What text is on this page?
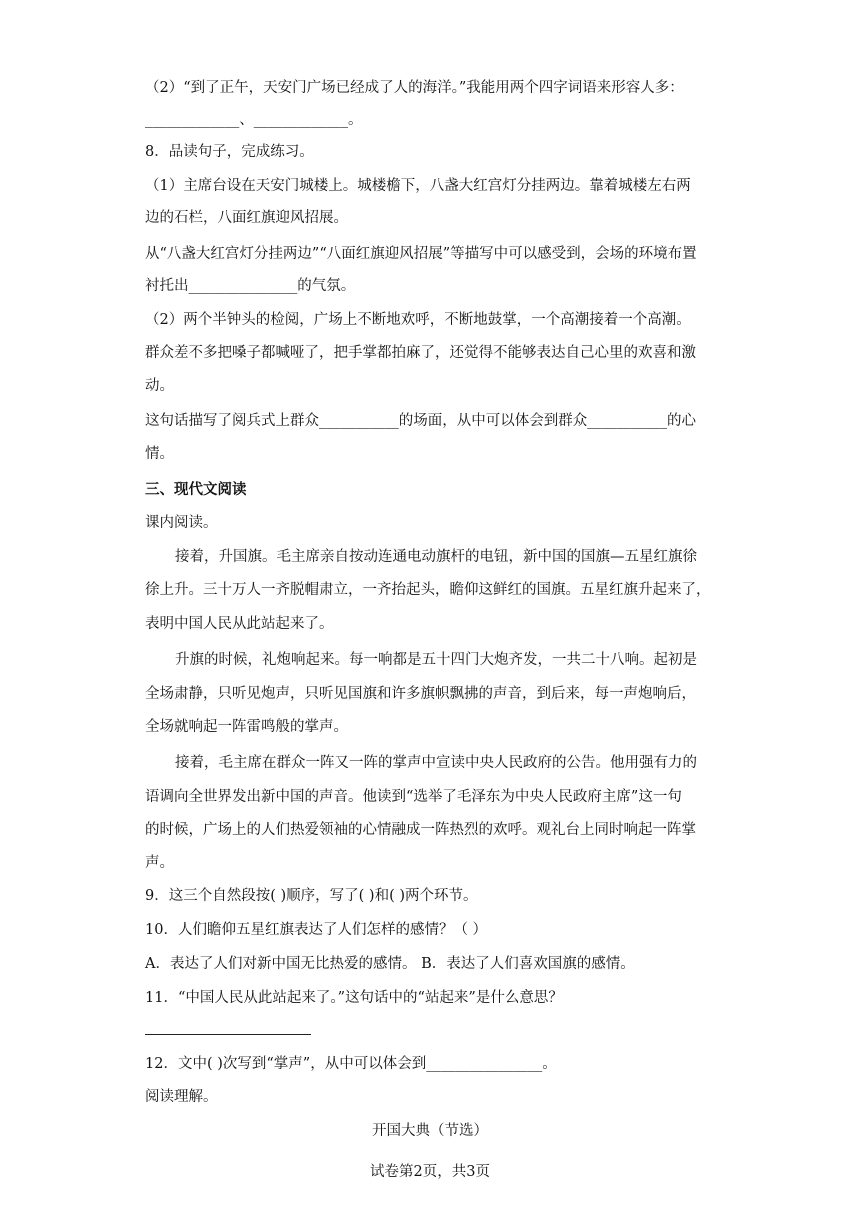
（2）“到了正午，天安门广场已经成了人的海洋。”我能用两个四字词语来形容人多：
_____________、_____________。
8．品读句子，完成练习。
（1）主席台设在天安门城楼上。城楼檐下，八盏大红宫灯分挂两边。靠着城楼左右两
边的石栏，八面红旗迎风招展。
从“八盏大红宫灯分挂两边”“八面红旗迎风招展”等描写中可以感受到，会场的环境布置
衬托出_______________的气氛。
（2）两个半钟头的检阅，广场上不断地欢呼，不断地鼓掌，一个高潮接着一个高潮。
群众差不多把嗓子都喊哑了，把手掌都拍麻了，还觉得不能够表达自己心里的欢喜和激
动。
这句话描写了阅兵式上群众___________的场面，从中可以体会到群众___________的心
情。
三、现代文阅读
课内阅读。
接着，升国旗。毛主席亲自按动连通电动旗杆的电钮，新中国的国旗—五星红旗徐
徐上升。三十万人一齐脱帽肃立，一齐抬起头，瞻仰这鲜红的国旗。五星红旗升起来了，
表明中国人民从此站起来了。
升旗的时候，礼炮响起来。每一响都是五十四门大炮齐发，一共二十八响。起初是
全场肃静，只听见炮声，只听见国旗和许多旗帜飘拂的声音，到后来，每一声炮响后，
全场就响起一阵雷鸣般的掌声。
接着，毛主席在群众一阵又一阵的掌声中宣读中央人民政府的公告。他用强有力的
语调向全世界发出新中国的声音。他读到“选举了毛泽东为中央人民政府主席”这一句
的时候，广场上的人们热爱领袖的心情融成一阵热烈的欢呼。观礼台上同时响起一阵掌
声。
9．这三个自然段按( )顺序，写了( )和( )两个环节。
10．人们瞻仰五星红旗表达了人们怎样的感情？（ ）
A．表达了人们对新中国无比热爱的感情。 B．表达了人们喜欢国旗的感情。
11．“中国人民从此站起来了。”这句话中的“站起来”是什么意思？
12．文中( )次写到“掌声”，从中可以体会到________________。
阅读理解。
开国大典（节选）
试卷第2页，共3页
